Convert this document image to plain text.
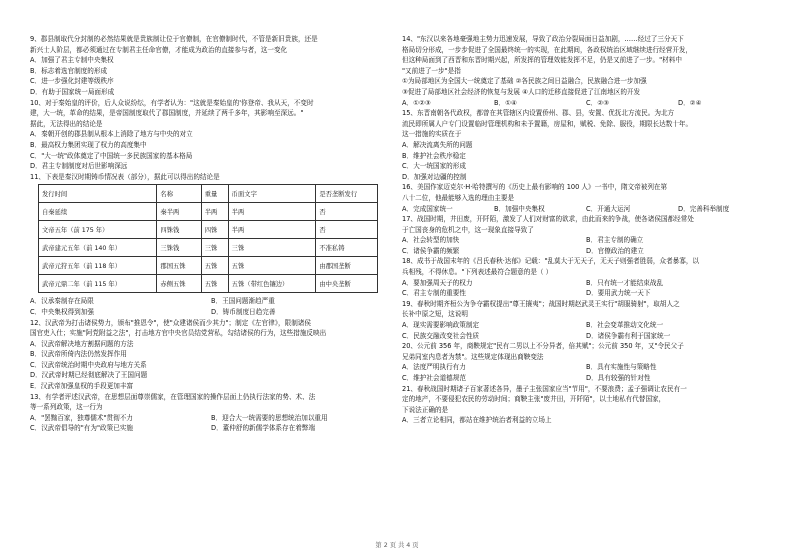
9、郡县制取代分封制的必然结果就是贵族制让位于官僚制，在官僚制时代，不管是新旧贵族，还是

新兴士人阶层，都必须通过在专制君主任命官僚，才能成为政治的直接参与者，这一变化

A．加强了君主专制中央集权

B．标志着选官制度的形成

C．进一步强化封建等级秩序

D．有助于国家统一局面形成

10、对于秦始皇的评价，后人众说纷纭，有学者认为："这就是秦始皇的'你登帝、我从天，不变时

建，大一统，革命的结果，是帝国制度取代了郡国制度，并延续了两千多年，其影响至深远。"

据此，无法得出的结论是

A．秦朝开创的郡县制从根本上消除了地方与中央的对立

B．最高权力集团实现了权力的高度集中

C．"大一统"政体奠定了中国统一多民族国家的基本格局

D．君主专制制度对后世影响深远

11、下表是秦汉时期铸币情况表（部分），据此可以得出的结论是

发行时间	名称	重量	币面文字	是否垄断发行
自秦延续	秦半两	半两	半两	否
文帝五年（前 175 年）	四铢钱	四铢	半两	否
武帝建元五年（前 140 年）	三铢钱	三铢	三铢	不准私铸
武帝元狩五年（前 118 年）	郡国五铢	五铢	五铢	由郡国垄断
武帝元鼎二年（前 115 年）	赤侧五铢	五铢	五铢（带红色镶边）	由中央垄断
A．汉承秦制存在局限	B．王国问题渐趋严重
C．中央集权得到加强	D．铸币制度日趋完善

12、汉武帝为打击诸侯势力，颁布"推恩令"，使"众建诸侯而少其力"；制定《左官律》，限制诸侯

国官吏入仕；实施"阿党附益之法"，打击地方官中央官员结党营私，勾结诸侯的行为，这些措施反映出

A．汉武帝解决地方割据问题的方法

B．汉武帝所倚内法仍然发挥作用

C．汉武帝统治时期中央政府与地方关系

D．汉武帝时期已经彻底解决了王国问题

E．汉武帝加强皇权的手段更加丰富

13、有学者评述汉武帝，在思想层面尊崇儒家，在管理国家的操作层面上仍执行法家的势、术、法

等一系列政策，这一行为

A．"罢黜百家，独尊儒术"贯彻不力	B．迎合大一统需要的思想统治加以重用
C．汉武帝倡导的"有为"政策已实施	D．董仲舒的新儒学体系存在着弊端

14、"东汉以来各地豪强地主势力迅速发展，导致了政治分裂局面日益加剧，……经过了三分天下

格局切分形成，一步步促进了全国最终统一的实现，在此期间，各政权统治区域继续进行经营开发，

但这种局面到了西晋和东晋时期兴起，所发挥的管理效能发挥不足，仍是又前进了一步。"材料中

"又前进了一步"是指

①为局部地区为全国大一统奠定了基础 ②各民族之间日益融合，民族融合进一步加强

③促进了局部地区社会经济的恢复与发展 ④人口的迁移直接促进了江南地区的开发

A．①②③	B．①④	C．②③	D．②④

15、东晋南朝各代政权，都曾在其管辖区内设置侨州、郡、县，安置、优抚北方流民。为北方

流民即所属人户专门设置临时管理机构和未予置籍，房屋和，赋税、免除、服役，期限长达数十年。

这一措施的实质在于

A．解决流离失所的问题

B．维护社会秩序稳定

C．大一统国家的形成

D．加强对边疆的控制

16、美国作家迈克尔·H·哈特撰写的《历史上最有影响的 100 人》一书中，隋文帝被列在第

八十二位，他最能够入选的理由主要是

A．完成国家统一	B．加强中央集权	C．开通大运河	D．完善科举制度

17、战国时期，井田废，开阡陌，激发了人们对财富的欲求，由此而来的争战，使各诸侯国都经常处

于亡国丧身的危机之中，这一现象直接导致了

A．社会转型的加快	B．君主专制的确立
C．诸侯争霸的频繁	D．官僚政治的建立

18、成书于战国末年的《吕氏春秋·达郁》记载："乱莫大于无天子，无天子则强者胜弱，众者暴寡，以

兵相残，不得休息。"下列表述最符合题意的是（ ）

A．要加强周天子的权力	B．只有统一才能结束战乱
C．君主专制的重要性	D．要用武力统一天下

19、春秋时期齐桓公为争夺霸权提出"尊王攘夷"；战国时期赵武灵王实行"胡服骑射"，取胡人之

长补中原之短，这说明

A．现实需要影响政策制定	B．社会变革推动文化统一
C．民族交融改变社会性质	D．诸侯争霸有利于国家统一

20、公元前 356 年，商鞅规定"民有二男以上不分异者，倍其赋"；公元前 350 年，又"令民父子

兄弟同室内息者为禁"。这些规定体现出商鞅变法

A．法度严明执行有力	B．具有实施性与策略性
C．维护社会道德规范	D．具有较强的针对性

21、春秋战国时期诸子百家著述各异，墨子主张国家应当"节用"，不要浪费；孟子强调让农民有一

定的地产，不要侵犯农民的劳动时间；商鞅主张"废井田，开阡陌"，以土地私有代替国家，

下说法正确的是

A．三者立论相同，都站在维护统治者利益的立场上

第 2 页 共 4 页
